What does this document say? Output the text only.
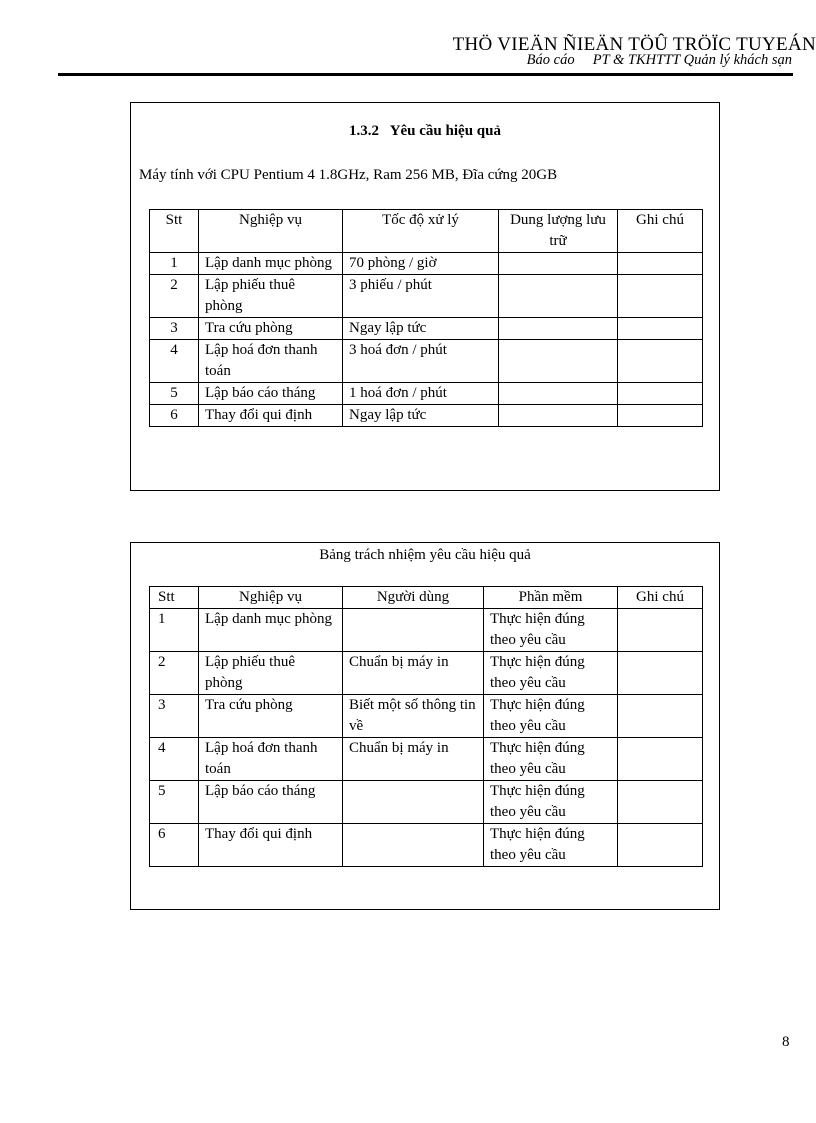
THÖ VIEÄN ÑIEÄN TÖÛ TRÖÏC TUYEÁN
Báo cáo     PT & TKHTTT Quản lý khách sạn
1.3.2   Yêu cầu hiệu quả
Máy tính với CPU Pentium 4 1.8GHz, Ram 256 MB, Đĩa cứng 20GB
Stt	Nghiệp vụ	Tốc độ xử lý	Dung lượng lưu trữ	Ghi chú
1	Lập danh mục phòng	70 phòng / giờ		
2	Lập phiếu thuê phòng	3 phiếu / phút		
3	Tra cứu phòng	Ngay lập tức		
4	Lập hoá đơn thanh toán	3 hoá đơn / phút		
5	Lập báo cáo tháng	1 hoá đơn / phút		
6	Thay đổi qui định	Ngay lập tức		
Bảng trách nhiệm yêu cầu hiệu quả
Stt	Nghiệp vụ	Người dùng	Phần mềm	Ghi chú
1	Lập danh mục phòng		Thực hiện đúng theo yêu cầu	
2	Lập phiếu thuê phòng	Chuẩn bị máy in	Thực hiện đúng theo yêu cầu	
3	Tra cứu phòng	Biết một số thông tin về	Thực hiện đúng theo yêu cầu	
4	Lập hoá đơn thanh toán	Chuẩn bị máy in	Thực hiện đúng theo yêu cầu	
5	Lập báo cáo tháng		Thực hiện đúng theo yêu cầu	
6	Thay đổi qui định		Thực hiện đúng theo yêu cầu	
8
